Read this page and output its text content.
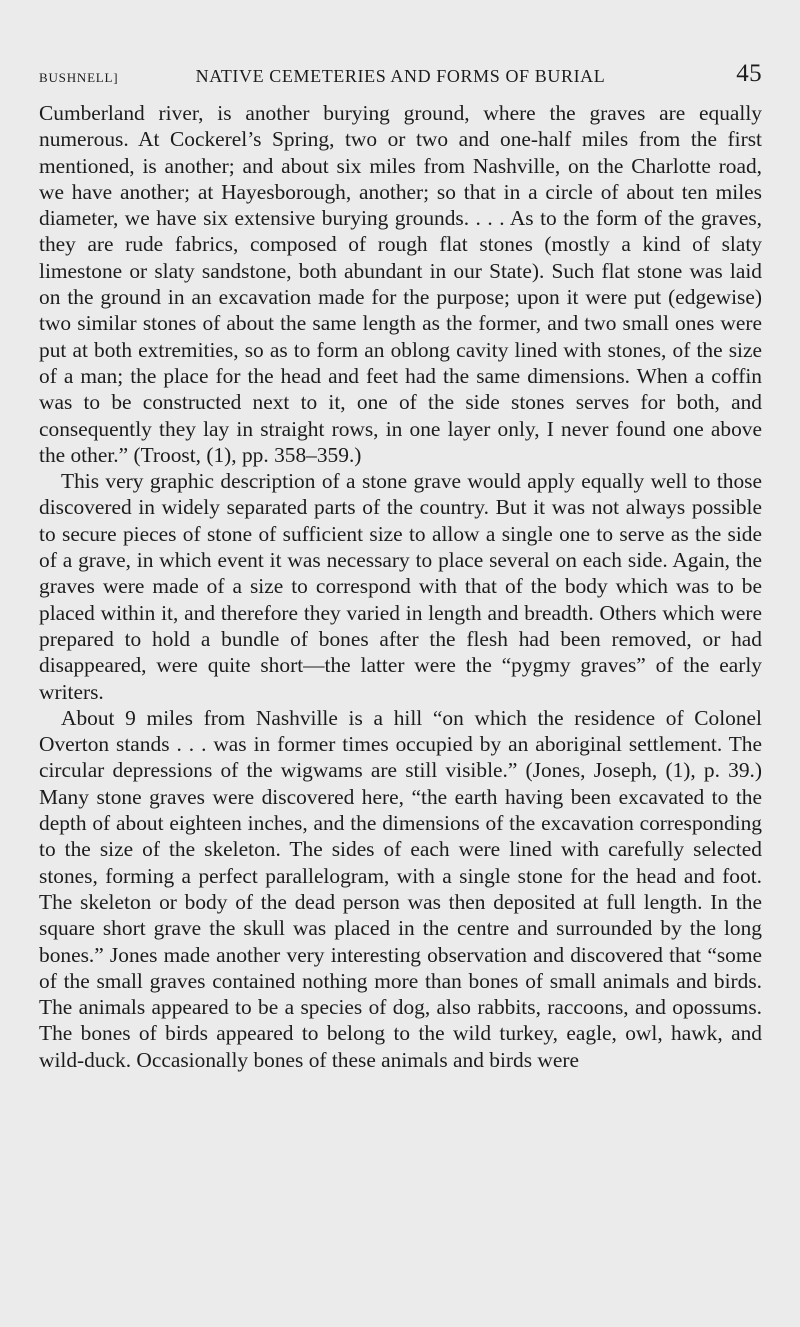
BUSHNELL]	NATIVE CEMETERIES AND FORMS OF BURIAL	45

Cumberland river, is another burying ground, where the graves are equally numerous. At Cockerel’s Spring, two or two and one-half miles from the first mentioned, is another; and about six miles from Nashville, on the Charlotte road, we have another; at Hayesborough, another; so that in a circle of about ten miles diameter, we have six extensive burying grounds. . . . As to the form of the graves, they are rude fabrics, composed of rough flat stones (mostly a kind of slaty limestone or slaty sandstone, both abundant in our State). Such flat stone was laid on the ground in an excavation made for the purpose; upon it were put (edgewise) two similar stones of about the same length as the former, and two small ones were put at both extremities, so as to form an oblong cavity lined with stones, of the size of a man; the place for the head and feet had the same dimensions. When a coffin was to be constructed next to it, one of the side stones serves for both, and consequently they lay in straight rows, in one layer only, I never found one above the other.” (Troost, (1), pp. 358–359.)

This very graphic description of a stone grave would apply equally well to those discovered in widely separated parts of the country. But it was not always possible to secure pieces of stone of sufficient size to allow a single one to serve as the side of a grave, in which event it was necessary to place several on each side. Again, the graves were made of a size to correspond with that of the body which was to be placed within it, and therefore they varied in length and breadth. Others which were prepared to hold a bundle of bones after the flesh had been removed, or had disappeared, were quite short—the latter were the “pygmy graves” of the early writers.

About 9 miles from Nashville is a hill “on which the residence of Colonel Overton stands . . . was in former times occupied by an aboriginal settlement. The circular depressions of the wigwams are still visible.” (Jones, Joseph, (1), p. 39.) Many stone graves were discovered here, “the earth having been excavated to the depth of about eighteen inches, and the dimensions of the excavation corresponding to the size of the skeleton. The sides of each were lined with carefully selected stones, forming a perfect parallelogram, with a single stone for the head and foot. The skeleton or body of the dead person was then deposited at full length. In the square short grave the skull was placed in the centre and surrounded by the long bones.” Jones made another very interesting observation and discovered that “some of the small graves contained nothing more than bones of small animals and birds. The animals appeared to be a species of dog, also rabbits, raccoons, and opossums. The bones of birds appeared to belong to the wild turkey, eagle, owl, hawk, and wild-duck. Occasionally bones of these animals and birds were
